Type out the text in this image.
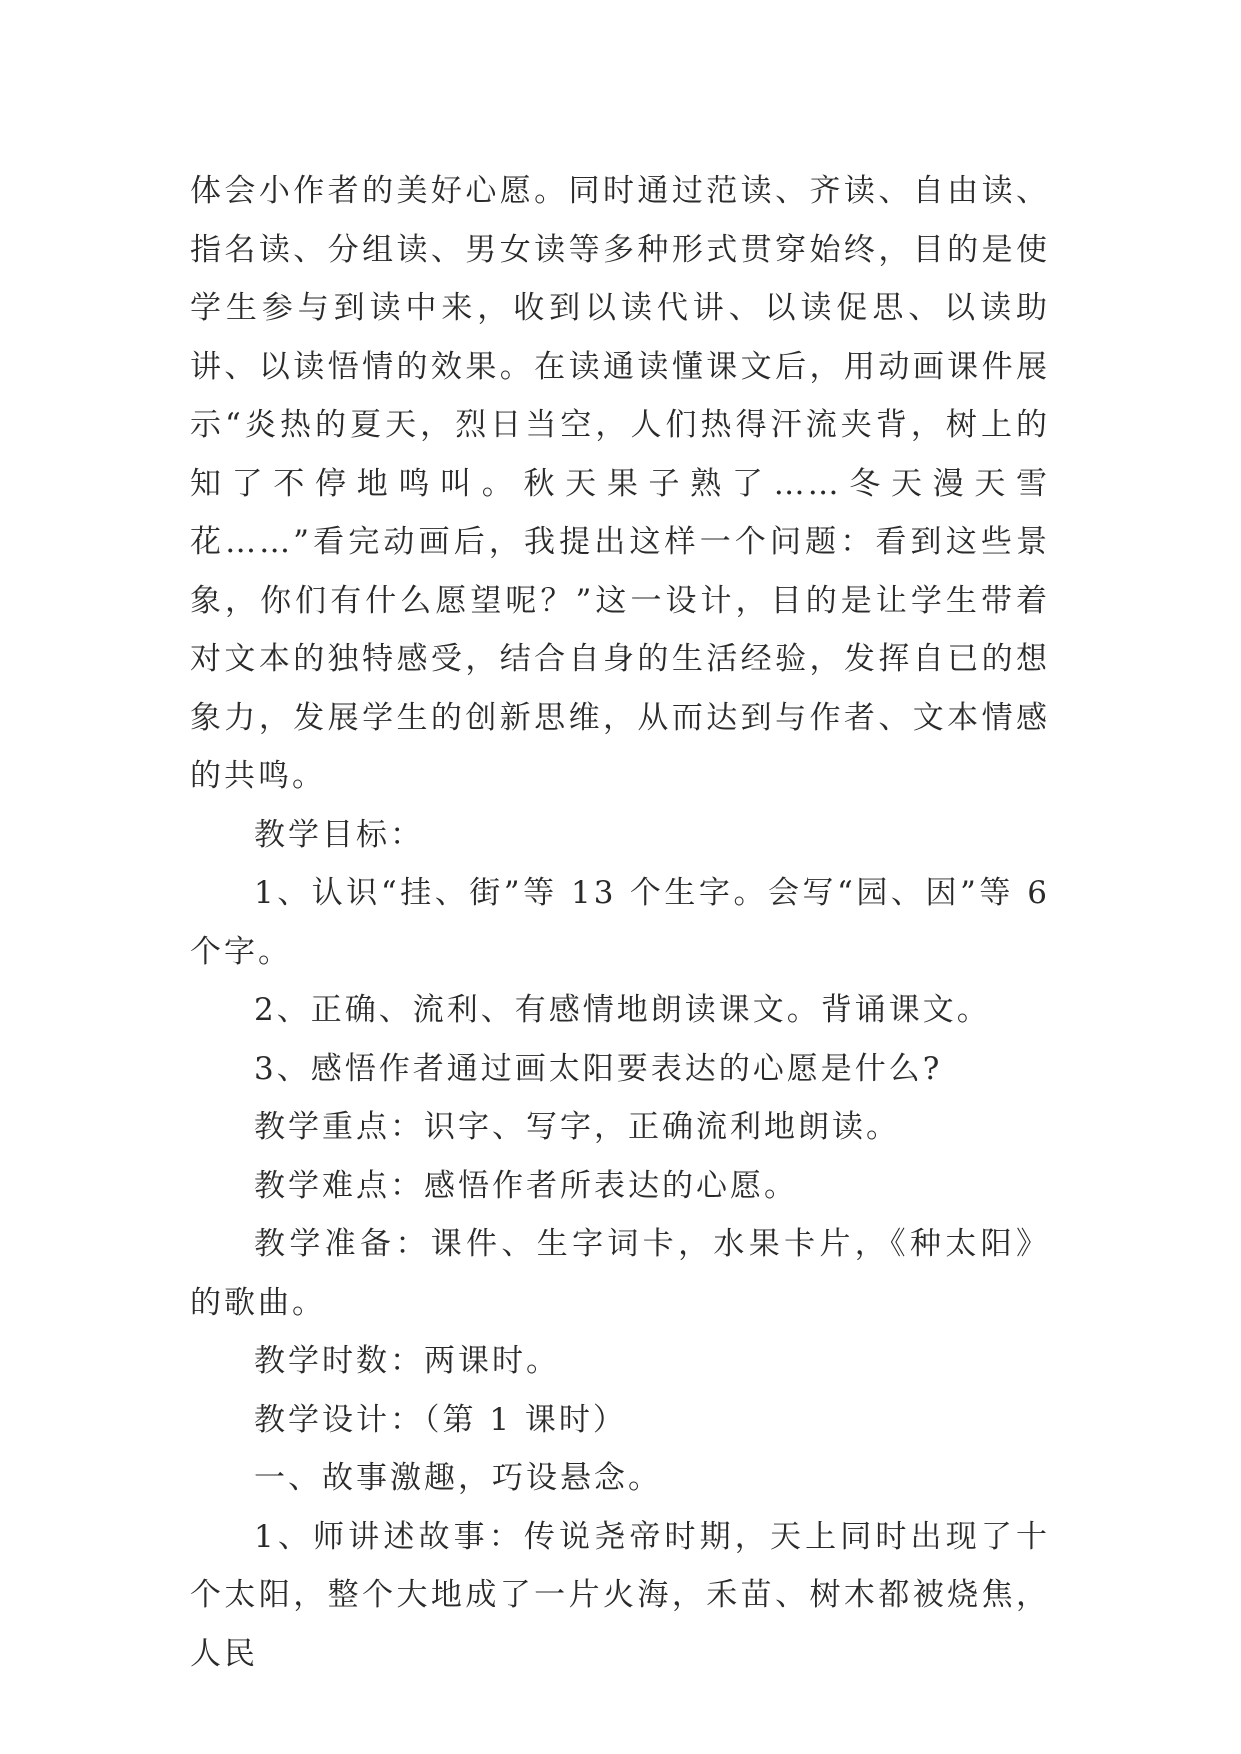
体会小作者的美好心愿。同时通过范读、齐读、自由读、指名读、分组读、男女读等多种形式贯穿始终，目的是使学生参与到读中来，收到以读代讲、以读促思、以读助讲、以读悟情的效果。在读通读懂课文后，用动画课件展示“炎热的夏天，烈日当空，人们热得汗流夹背，树上的知了不停地鸣叫。秋天果子熟了……冬天漫天雪花……”看完动画后，我提出这样一个问题：看到这些景象，你们有什么愿望呢？”这一设计，目的是让学生带着对文本的独特感受，结合自身的生活经验，发挥自已的想象力，发展学生的创新思维，从而达到与作者、文本情感的共鸣。

教学目标：

1、认识“挂、街”等 13 个生字。会写“园、因”等 6 个字。

2、正确、流利、有感情地朗读课文。背诵课文。

3、感悟作者通过画太阳要表达的心愿是什么?

教学重点：识字、写字，正确流利地朗读。

教学难点：感悟作者所表达的心愿。

教学准备：课件、生字词卡，水果卡片，《种太阳》的歌曲。

教学时数：两课时。

教学设计：（第 1 课时）

一、故事激趣，巧设悬念。

1、师讲述故事：传说尧帝时期，天上同时出现了十个太阳，整个大地成了一片火海，禾苗、树木都被烧焦，人民
